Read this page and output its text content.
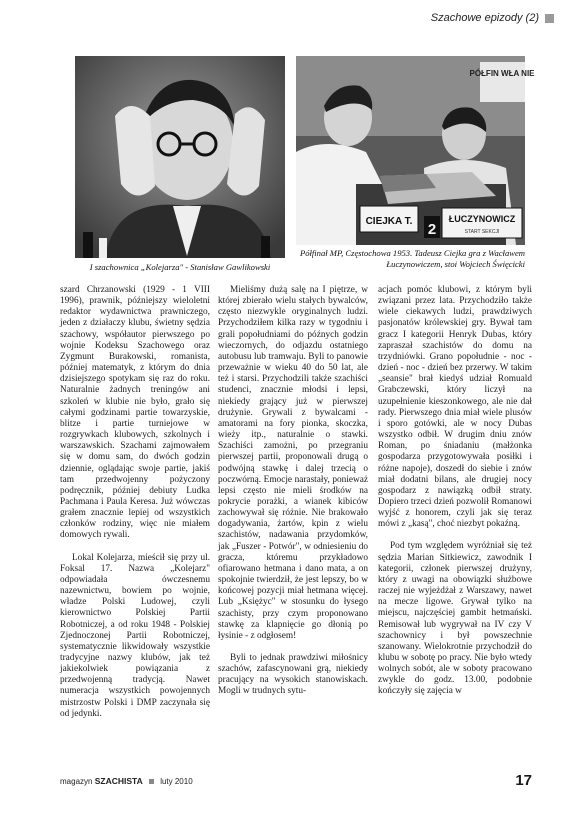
Szachowe epizody (2)
PÓŁFIN WŁA NIE
CIEJKA T. 2
ŁUCZYNOWICZ
START SEKCJI
I szachownica „Kolejarza" - Stanisław Gawlikowski
Półfinał MP, Częstochowa 1953. Tadeusz Ciejka gra z Wacławem Łuczynowiczem, stoi Wojciech Święcicki

szard Chrzanowski (1929 - 1 VIII 1996), prawnik, późniejszy wieloletni redaktor wydawnictwa prawniczego, jeden z działaczy klubu, świetny sędzia szachowy, współautor pierwszego po wojnie Kodeksu Szachowego oraz Zygmunt Burakowski, romanista, później matematyk, z którym do dnia dzisiejszego spotykam się raz do roku. Naturalnie żadnych treningów ani szkoleń w klubie nie było, grało się całymi godzinami partie towarzyskie, blitze i partie turniejowe w rozgrywkach klubowych, szkolnych i warszawskich. Szachami zajmowałem się w domu sam, do dwóch godzin dziennie, oglądając swoje partie, jakiś tam przedwojenny pożyczony podręcznik, później debiuty Ludka Pachmana i Paula Keresa. Już wówczas grałem znacznie lepiej od wszystkich członków rodziny, więc nie miałem domowych rywali.

Lokal Kolejarza, mieścił się przy ul. Foksal 17. Nazwa „Kolejarz" odpowiadała ówczesnemu nazewnictwu, bowiem po wojnie, władze Polski Ludowej, czyli kierownictwo Polskiej Partii Robotniczej, a od roku 1948 - Polskiej Zjednoczonej Partii Robotniczej, systematycznie likwidowały wszystkie tradycyjne nazwy klubów, jak też jakiekolwiek powiązania z przedwojenną tradycją. Nawet numeracja wszystkich powojennych mistrzostw Polski i DMP zaczynała się od jedynki.

Mieliśmy dużą salę na I piętrze, w której zbierało wielu stałych bywalców, często niezwykle oryginalnych ludzi. Przychodziłem kilka razy w tygodniu i grali popołudniami do późnych godzin wieczornych, do odjazdu ostatniego autobusu lub tramwaju. Byli to panowie przeważnie w wieku 40 do 50 lat, ale też i starsi. Przychodzili także szachiści studenci, znacznie młodsi i lepsi, niekiedy grający już w pierwszej drużynie. Grywali z bywalcami - amatorami na fory pionka, skoczka, wieży itp., naturalnie o stawki. Szachiści zamożni, po przegraniu pierwszej partii, proponowali drugą o podwójną stawkę i dalej trzecią o poczwórną. Emocje narastały, ponieważ lepsi często nie mieli środków na pokrycie porażki, a wianek kibiców zachowywał się różnie. Nie brakowało dogadywania, żartów, kpin z wielu szachistów, nadawania przydomków, jak „Fuszer - Potwór", w odniesieniu do gracza, któremu przykładowo ofiarowano hetmana i dano mata, a on spokojnie twierdził, że jest lepszy, bo w końcowej pozycji miał hetmana więcej. Lub „Księżyc" w stosunku do łysego szachisty, przy czym proponowano stawkę za klapnięcie go dłonią po łysinie - z odgłosem!

Byli to jednak prawdziwi miłośnicy szachów, zafascynowani grą, niekiedy pracujący na wysokich stanowiskach. Mogli w trudnych sytu-

acjach pomóc klubowi, z którym byli związani przez lata. Przychodziło także wiele ciekawych ludzi, prawdziwych pasjonatów królewskiej gry. Bywał tam gracz I kategorii Henryk Dubas, który zapraszał szachistów do domu na trzydniówki. Grano popołudnie - noc - dzień - noc - dzień bez przerwy. W takim „seansie" brał kiedyś udział Romuald Grabczewski, który liczył na uzupełnienie kieszonkowego, ale nie dał rady. Pierwszego dnia miał wiele plusów i sporo gotówki, ale w nocy Dubas wszystko odbił. W drugim dniu znów Roman, po śniadaniu (małżonka gospodarza przygotowywała posiłki i różne napoje), doszedł do siebie i znów miał dodatni bilans, ale drugiej nocy gospodarz z nawiązką odbił straty. Dopiero trzeci dzień pozwolił Romanowi wyjść z honorem, czyli jak się teraz mówi z „kasą", choć niezbyt pokaźną.

Pod tym względem wyróżniał się też sędzia Marian Sitkiewicz, zawodnik I kategorii, członek pierwszej drużyny, który z uwagi na obowiązki służbowe raczej nie wyjeżdżał z Warszawy, nawet na mecze ligowe. Grywał tylko na miejscu, najczęściej gambit hetmański. Remisował lub wygrywał na IV czy V szachownicy i był powszechnie szanowany. Wielokrotnie przychodził do klubu w sobotę po pracy. Nie było wtedy wolnych sobót, ale w soboty pracowano zwykle do godz. 13.00, podobnie kończyły się zajęcia w

magazyn SZACHISTA luty 2010	17
